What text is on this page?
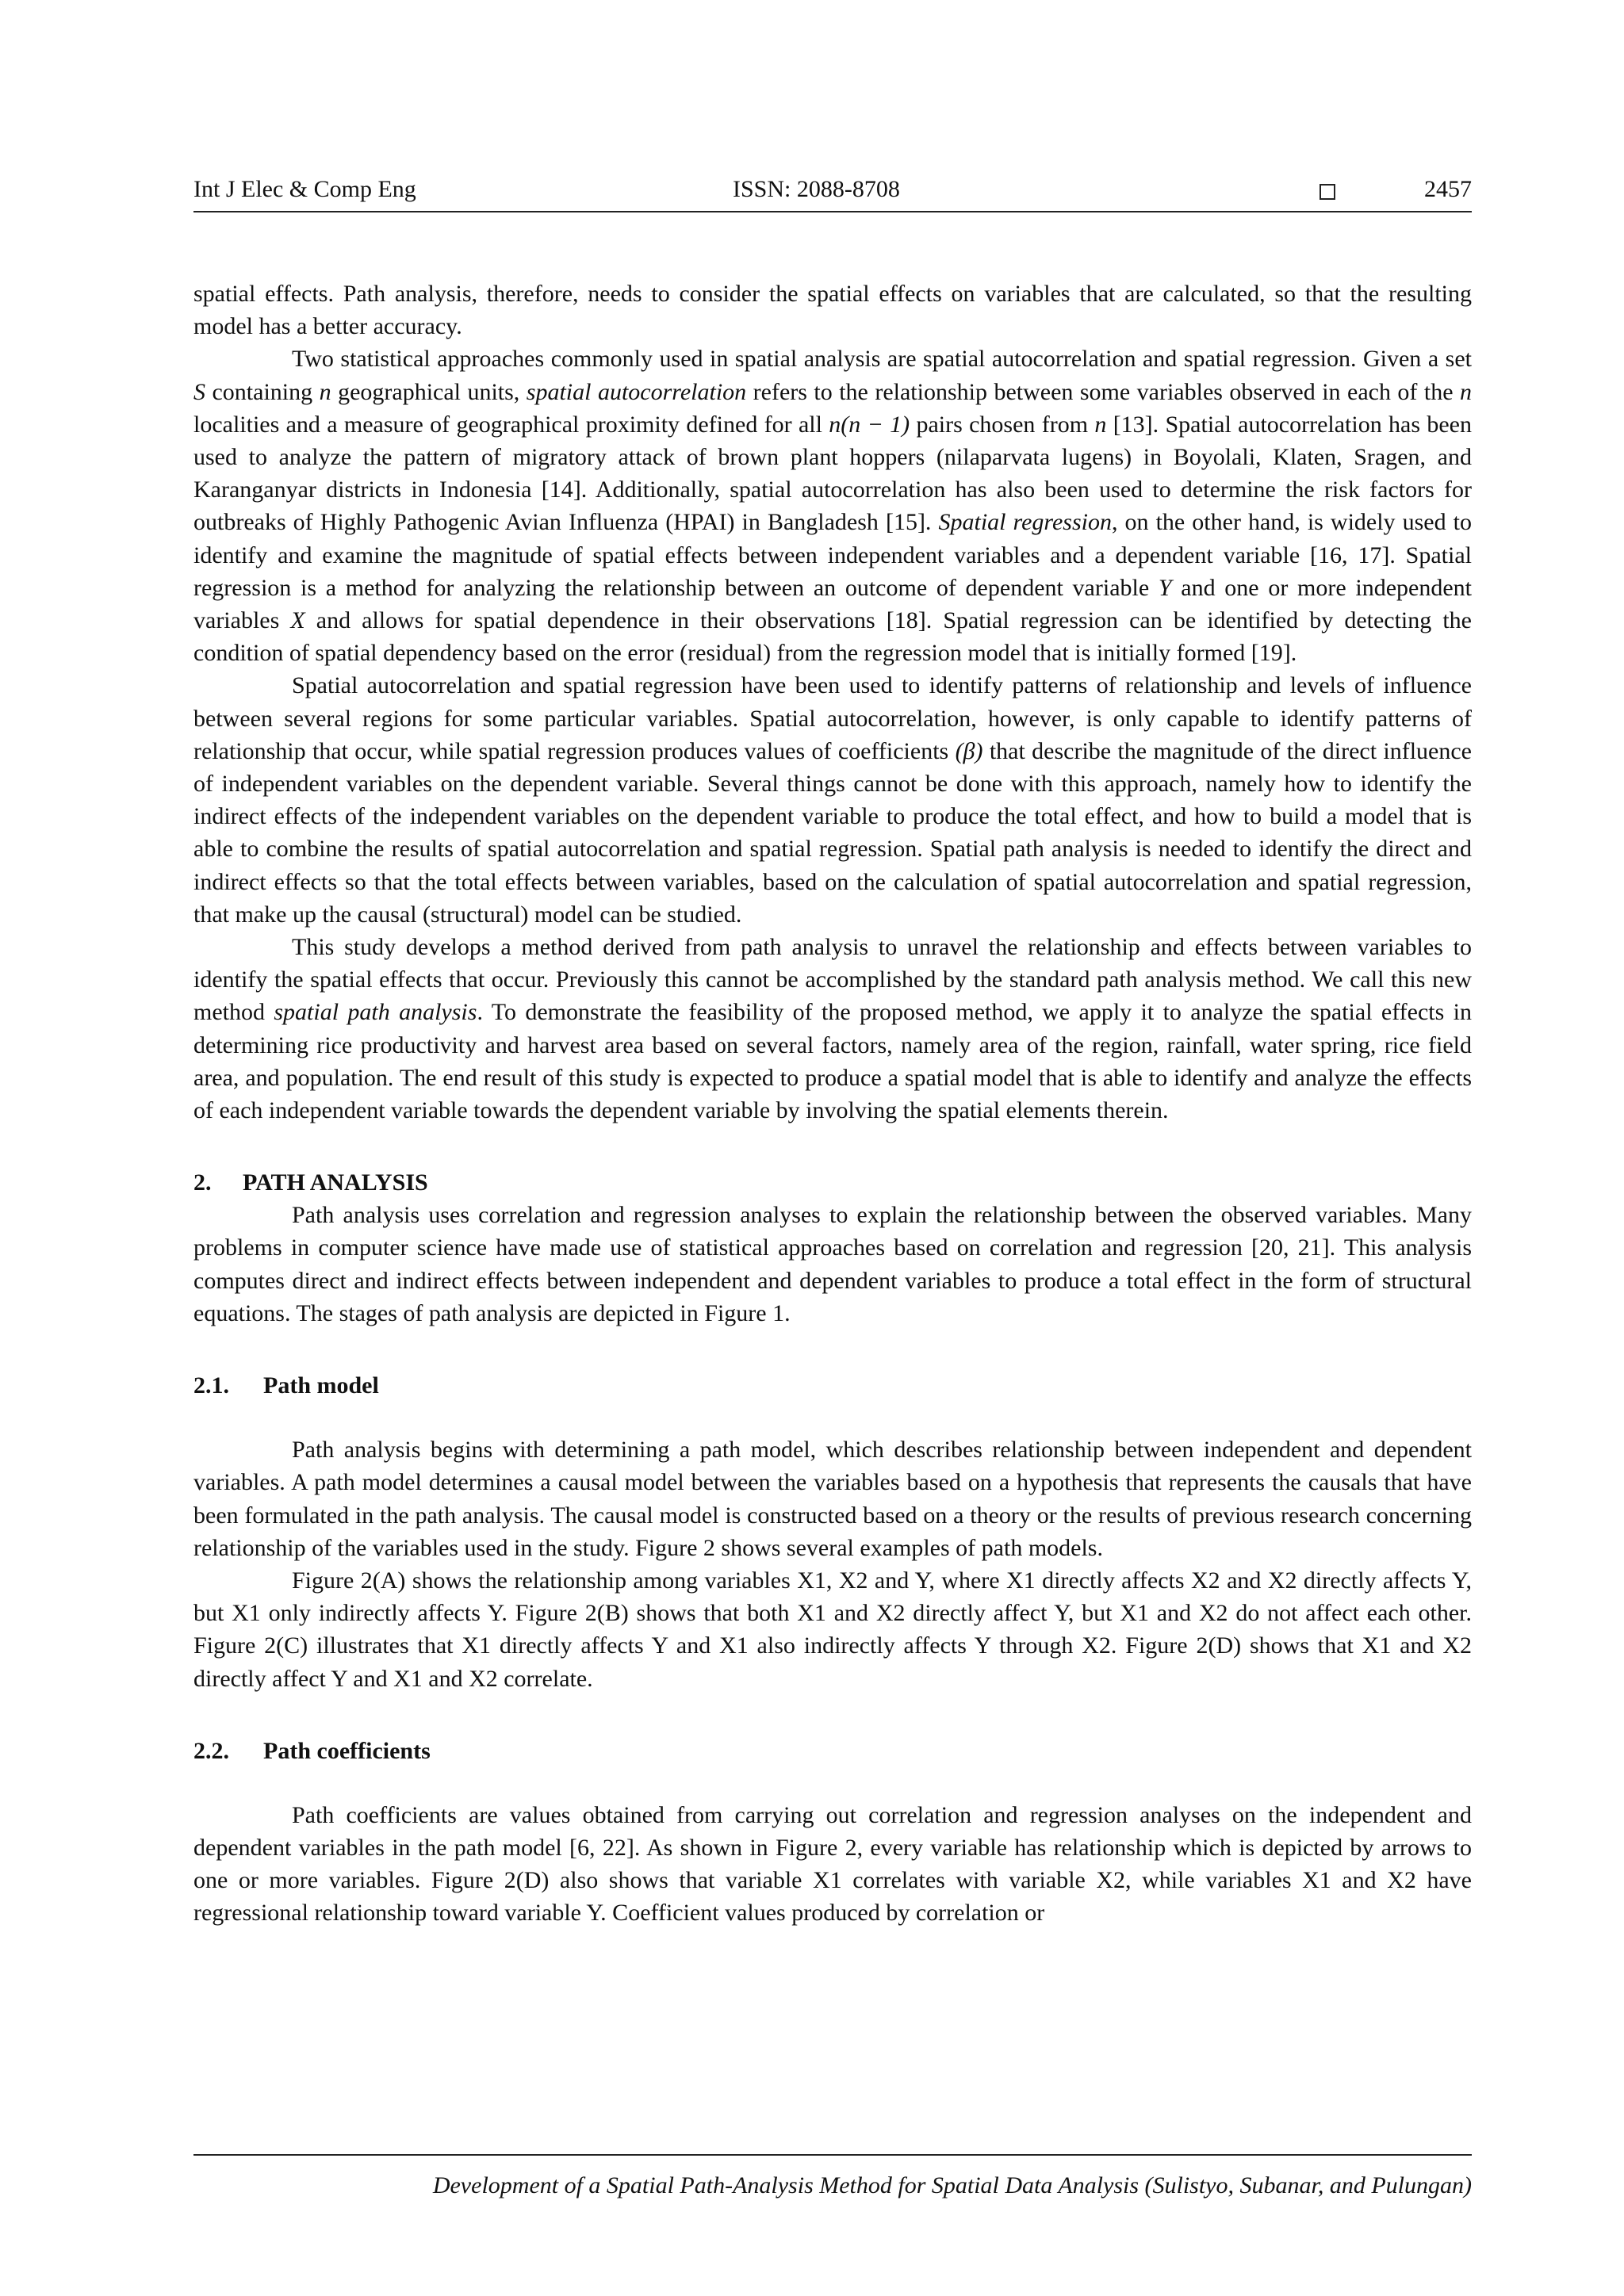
Int J Elec & Comp Eng	ISSN: 2088-8708	2457

spatial effects. Path analysis, therefore, needs to consider the spatial effects on variables that are calculated, so that the resulting model has a better accuracy.

Two statistical approaches commonly used in spatial analysis are spatial autocorrelation and spatial regression. Given a set S containing n geographical units, spatial autocorrelation refers to the relationship between some variables observed in each of the n localities and a measure of geographical proximity defined for all n(n − 1) pairs chosen from n [13]. Spatial autocorrelation has been used to analyze the pattern of migratory attack of brown plant hoppers (nilaparvata lugens) in Boyolali, Klaten, Sragen, and Karanganyar districts in Indonesia [14]. Additionally, spatial autocorrelation has also been used to determine the risk factors for outbreaks of Highly Pathogenic Avian Influenza (HPAI) in Bangladesh [15]. Spatial regression, on the other hand, is widely used to identify and examine the magnitude of spatial effects between independent variables and a dependent variable [16, 17]. Spatial regression is a method for analyzing the relationship between an outcome of dependent variable Y and one or more independent variables X and allows for spatial dependence in their observations [18]. Spatial regression can be identified by detecting the condition of spatial dependency based on the error (residual) from the regression model that is initially formed [19].

Spatial autocorrelation and spatial regression have been used to identify patterns of relationship and levels of influence between several regions for some particular variables. Spatial autocorrelation, however, is only capable to identify patterns of relationship that occur, while spatial regression produces values of coefficients (β) that describe the magnitude of the direct influence of independent variables on the dependent variable. Several things cannot be done with this approach, namely how to identify the indirect effects of the independent variables on the dependent variable to produce the total effect, and how to build a model that is able to combine the results of spatial autocorrelation and spatial regression. Spatial path analysis is needed to identify the direct and indirect effects so that the total effects between variables, based on the calculation of spatial autocorrelation and spatial regression, that make up the causal (structural) model can be studied.

This study develops a method derived from path analysis to unravel the relationship and effects between variables to identify the spatial effects that occur. Previously this cannot be accomplished by the standard path analysis method. We call this new method spatial path analysis. To demonstrate the feasibility of the proposed method, we apply it to analyze the spatial effects in determining rice productivity and harvest area based on several factors, namely area of the region, rainfall, water spring, rice field area, and population. The end result of this study is expected to produce a spatial model that is able to identify and analyze the effects of each independent variable towards the dependent variable by involving the spatial elements therein.

2. PATH ANALYSIS

Path analysis uses correlation and regression analyses to explain the relationship between the observed variables. Many problems in computer science have made use of statistical approaches based on correlation and regression [20, 21]. This analysis computes direct and indirect effects between independent and dependent variables to produce a total effect in the form of structural equations. The stages of path analysis are depicted in Figure 1.

2.1. Path model

Path analysis begins with determining a path model, which describes relationship between independent and dependent variables. A path model determines a causal model between the variables based on a hypothesis that represents the causals that have been formulated in the path analysis. The causal model is constructed based on a theory or the results of previous research concerning relationship of the variables used in the study. Figure 2 shows several examples of path models.

Figure 2(A) shows the relationship among variables X1, X2 and Y, where X1 directly affects X2 and X2 directly affects Y, but X1 only indirectly affects Y. Figure 2(B) shows that both X1 and X2 directly affect Y, but X1 and X2 do not affect each other. Figure 2(C) illustrates that X1 directly affects Y and X1 also indirectly affects Y through X2. Figure 2(D) shows that X1 and X2 directly affect Y and X1 and X2 correlate.

2.2. Path coefficients

Path coefficients are values obtained from carrying out correlation and regression analyses on the independent and dependent variables in the path model [6, 22]. As shown in Figure 2, every variable has relationship which is depicted by arrows to one or more variables. Figure 2(D) also shows that variable X1 correlates with variable X2, while variables X1 and X2 have regressional relationship toward variable Y. Coefficient values produced by correlation or

Development of a Spatial Path-Analysis Method for Spatial Data Analysis (Sulistyo, Subanar, and Pulungan)
